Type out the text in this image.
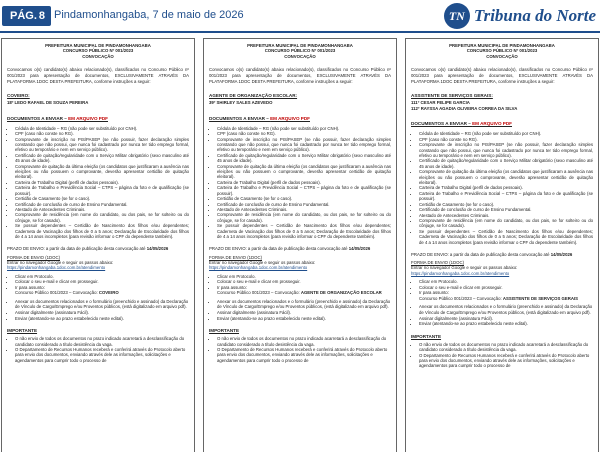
PÁG. 8 Pindamonhangaba, 7 de maio de 2026	TN Tribuna do Norte
PREFEITURA MUNICIPAL DE PINDAMONHANGABA
CONCURSO PÚBLICO Nº 001/2023
CONVOCAÇÃO
Convocamos o(s) candidato(s) abaixo relacionado(s), classificados no Concurso Público nº 001/2023 para apresentação de documentos, EXCLUSIVAMENTE ATRAVÉS DA PLATAFORMA 1DOC DESTA PREFEITURA, conforme instruções a seguir:
COVEIRO:
18º LEDO RAFAEL DE SOUZA PEREIRA
DOCUMENTOS A ENVIAR – EM ARQUIVO PDF
• Cédula de Identidade – RG (não pode ser substituído por CNH).
• CPF (caso não conste no RG).
• Comprovante de inscrição no PIS/PASEP (se não possuir, fazer declaração simples constando que não possui, que nunca foi cadastrado por nunca ter tido emprego formal, efetivo ou temporário e nem em serviço público).
• Certificado de quitação/regularidade com o Serviço Militar obrigatório (sexo masculino até 45 anos de idade).
• Comprovante de quitação da última eleição (os candidatos que justificaram a ausência nas eleições ou não possuem o comprovante, deverão apresentar certidão de quitação eleitoral).
• Carteira de Trabalho Digital (perfil de dados pessoais).
• Carteira de Trabalho e Previdência Social – CTPS – página da foto e de qualificação (se possuir).
• Certidão de Casamento (se for o caso).
• Certificado de conclusão de curso de Ensino Fundamental.
• Atestado de Antecedentes Criminais.
• Comprovante de residência (em nome do candidato, ou dos pais, se for solteiro ou do cônjuge, se for casado).
• Se possuir dependentes – Certidão de Nascimento dos filhos e/ou dependentes; Caderneta de Vacinação dos filhos de 0 a 5 anos; Declaração de Escolaridade dos filhos de 4 a 14 anos incompletos (para revisão informar o CPF do dependente também).
PRAZO DE ENVIO: a partir da data de publicação desta convocação até 14/05/2026
FORMA DE ENVIO (1DOC)
Entrar no navegador Google e seguir os passos abaixo:
https://pindamonhangaba.1doc.com.br/atendimento
• Clicar em Protocolo.
• Colocar o seu e-mail e clicar em prosseguir.
• Ir para assunto:
Concurso Público 001/2023 – Convocação: COVEIRO
• Anexar os documentos relacionados e o formulário (preenchido e assinado) da Declaração de Vínculo de Cargo/Emprego e/ou Proventos públicos, (está digitalizado em arquivo pdf).
• Assinar digitalmente (assinatura Fácil).
• Enviar (atentando-se ao prazo estabelecido neste edital).
IMPORTANTE
• O não envio de todos os documentos no prazo indicado acarretará a desclassificação do candidato considerado a título desistência da vaga.
• O Departamento de Recursos Humanos receberá e conferirá através do Protocolo aberto para envio dos documentos, enviando através dele as informações, solicitações e agendamentos para cumprir todo o processo de
PREFEITURA MUNICIPAL DE PINDAMONHANGABA
CONCURSO PÚBLICO Nº 001/2023
CONVOCAÇÃO
Convocamos o(s) candidato(s) abaixo relacionado(s), classificados no Concurso Público nº 001/2023 para apresentação de documentos, EXCLUSIVAMENTE ATRAVÉS DA PLATAFORMA 1DOC DESTA PREFEITURA, conforme instruções a seguir:
AGENTE DE ORGANIZAÇÃO ESCOLAR:
39º SHIRLEY SALES AZEVEDO
DOCUMENTOS A ENVIAR – EM ARQUIVO PDF
• Cédula de Identidade – RG (não pode ser substituído por CNH).
• CPF (caso não conste no RG).
• Comprovante de inscrição no PIS/PASEP (se não possuir, fazer declaração simples constando que não possui, que nunca foi cadastrado por nunca ter tido emprego formal, efetivo ou temporário e nem em serviço público).
• Certificado de quitação/regularidade com o Serviço Militar obrigatório (sexo masculino até 45 anos de idade).
• Comprovante de quitação da última eleição (os candidatos que justificaram a ausência nas eleições ou não possuem o comprovante, deverão apresentar certidão de quitação eleitoral).
• Carteira de Trabalho Digital (perfil de dados pessoais).
• Carteira de Trabalho e Previdência Social – CTPS – página da foto e de qualificação (se possuir).
• Certidão de Casamento (se for o caso).
• Certificado de conclusão de curso de Ensino Fundamental.
• Atestado de Antecedentes Criminais.
• Comprovante de residência (em nome do candidato, ou dos pais, se for solteiro ou do cônjuge, se for casado).
• Se possuir dependentes – Certidão de Nascimento dos filhos e/ou dependentes; Caderneta de Vacinação dos filhos de 0 a 5 anos; Declaração de Escolaridade dos filhos de 4 a 14 anos incompletos (para revisão informar o CPF do dependente também).
PRAZO DE ENVIO: a partir da data de publicação desta convocação até 14/05/2026
FORMA DE ENVIO (1DOC)
Entrar no navegador Google e seguir os passos abaixo:
https://pindamonhangaba.1doc.com.br/atendimento
• Clicar em Protocolo.
• Colocar o seu e-mail e clicar em prosseguir.
• Ir para assunto:
Concurso Público 001/2023 – Convocação: AGENTE DE ORGANIZAÇÃO ESCOLAR
• Anexar os documentos relacionados e o formulário (preenchido e assinado) da Declaração de Vínculo de Cargo/Emprego e/ou Proventos públicos, (está digitalizado em arquivo pdf).
• Assinar digitalmente (assinatura Fácil).
• Enviar (atentando-se ao prazo estabelecido neste edital).
IMPORTANTE
• O não envio de todos os documentos no prazo indicado acarretará a desclassificação do candidato considerado a título desistência da vaga.
• O Departamento de Recursos Humanos receberá e conferirá através do Protocolo aberto para envio dos documentos, enviando através dele as informações, solicitações e agendamentos para cumprir todo o processo de
PREFEITURA MUNICIPAL DE PINDAMONHANGABA
CONCURSO PÚBLICO Nº 001/2023
CONVOCAÇÃO
Convocamos o(s) candidato(s) abaixo relacionado(s), classificados no Concurso Público nº 001/2023 para apresentação de documentos, EXCLUSIVAMENTE ATRAVÉS DA PLATAFORMA 1DOC DESTA PREFEITURA, conforme instruções a seguir:
ASSISTENTE DE SERVIÇOS GERAIS:
111º CESAR FELIPE GARCIA
112º RAYSSA AGADIA OLIVEIRA CORREA DA SILVA
DOCUMENTOS A ENVIAR – EM ARQUIVO PDF
• Cédula de Identidade – RG (não pode ser substituído por CNH).
• CPF (caso não conste no RG).
• Comprovante de inscrição no PIS/PASEP (se não possuir, fazer declaração simples constando que não possui, que nunca foi cadastrado por nunca ter tido emprego formal, efetivo ou temporário e nem em serviço público).
• Certificado de quitação/regularidade com o Serviço Militar obrigatório (sexo masculino até 45 anos de idade).
• Comprovante de quitação da última eleição (os candidatos que justificaram a ausência nas eleições ou não possuem o comprovante, deverão apresentar certidão de quitação eleitoral).
• Carteira de Trabalho Digital (perfil de dados pessoais).
• Carteira de Trabalho e Previdência Social – CTPS – página da foto e de qualificação (se possuir).
• Certidão de Casamento (se for o caso).
• Certificado de conclusão de curso de Ensino Fundamental.
• Atestado de Antecedentes Criminais.
• Comprovante de residência (em nome do candidato, ou dos pais, se for solteiro ou do cônjuge, se for casado).
• Se possuir dependentes – Certidão de Nascimento dos filhos e/ou dependentes; Caderneta de Vacinação dos filhos de 0 a 5 anos; Declaração de Escolaridade dos filhos de 4 a 14 anos incompletos (para revisão informar o CPF do dependente também).
PRAZO DE ENVIO: a partir da data de publicação desta convocação até 14/05/2026
FORMA DE ENVIO (1DOC)
Entrar no navegador Google e seguir os passos abaixo:
https://pindamonhangaba.1doc.com.br/atendimento
• Clicar em Protocolo.
• Colocar o seu e-mail e clicar em prosseguir.
• Ir para assunto:
Concurso Público 001/2023 – Convocação: ASSISTENTE DE SERVIÇOS GERAIS
• Anexar os documentos relacionados e o formulário (preenchido e assinado) da Declaração de Vínculo de Cargo/Emprego e/ou Proventos públicos, (está digitalizado em arquivo pdf).
• Assinar digitalmente (assinatura Fácil).
• Enviar (atentando-se ao prazo estabelecido neste edital).
IMPORTANTE
• O não envio de todos os documentos no prazo indicado acarretará a desclassificação do candidato considerado a título desistência da vaga.
• O Departamento de Recursos Humanos receberá e conferirá através do Protocolo aberto para envio dos documentos, enviando através dele as informações, solicitações e agendamentos para cumprir todo o processo de
